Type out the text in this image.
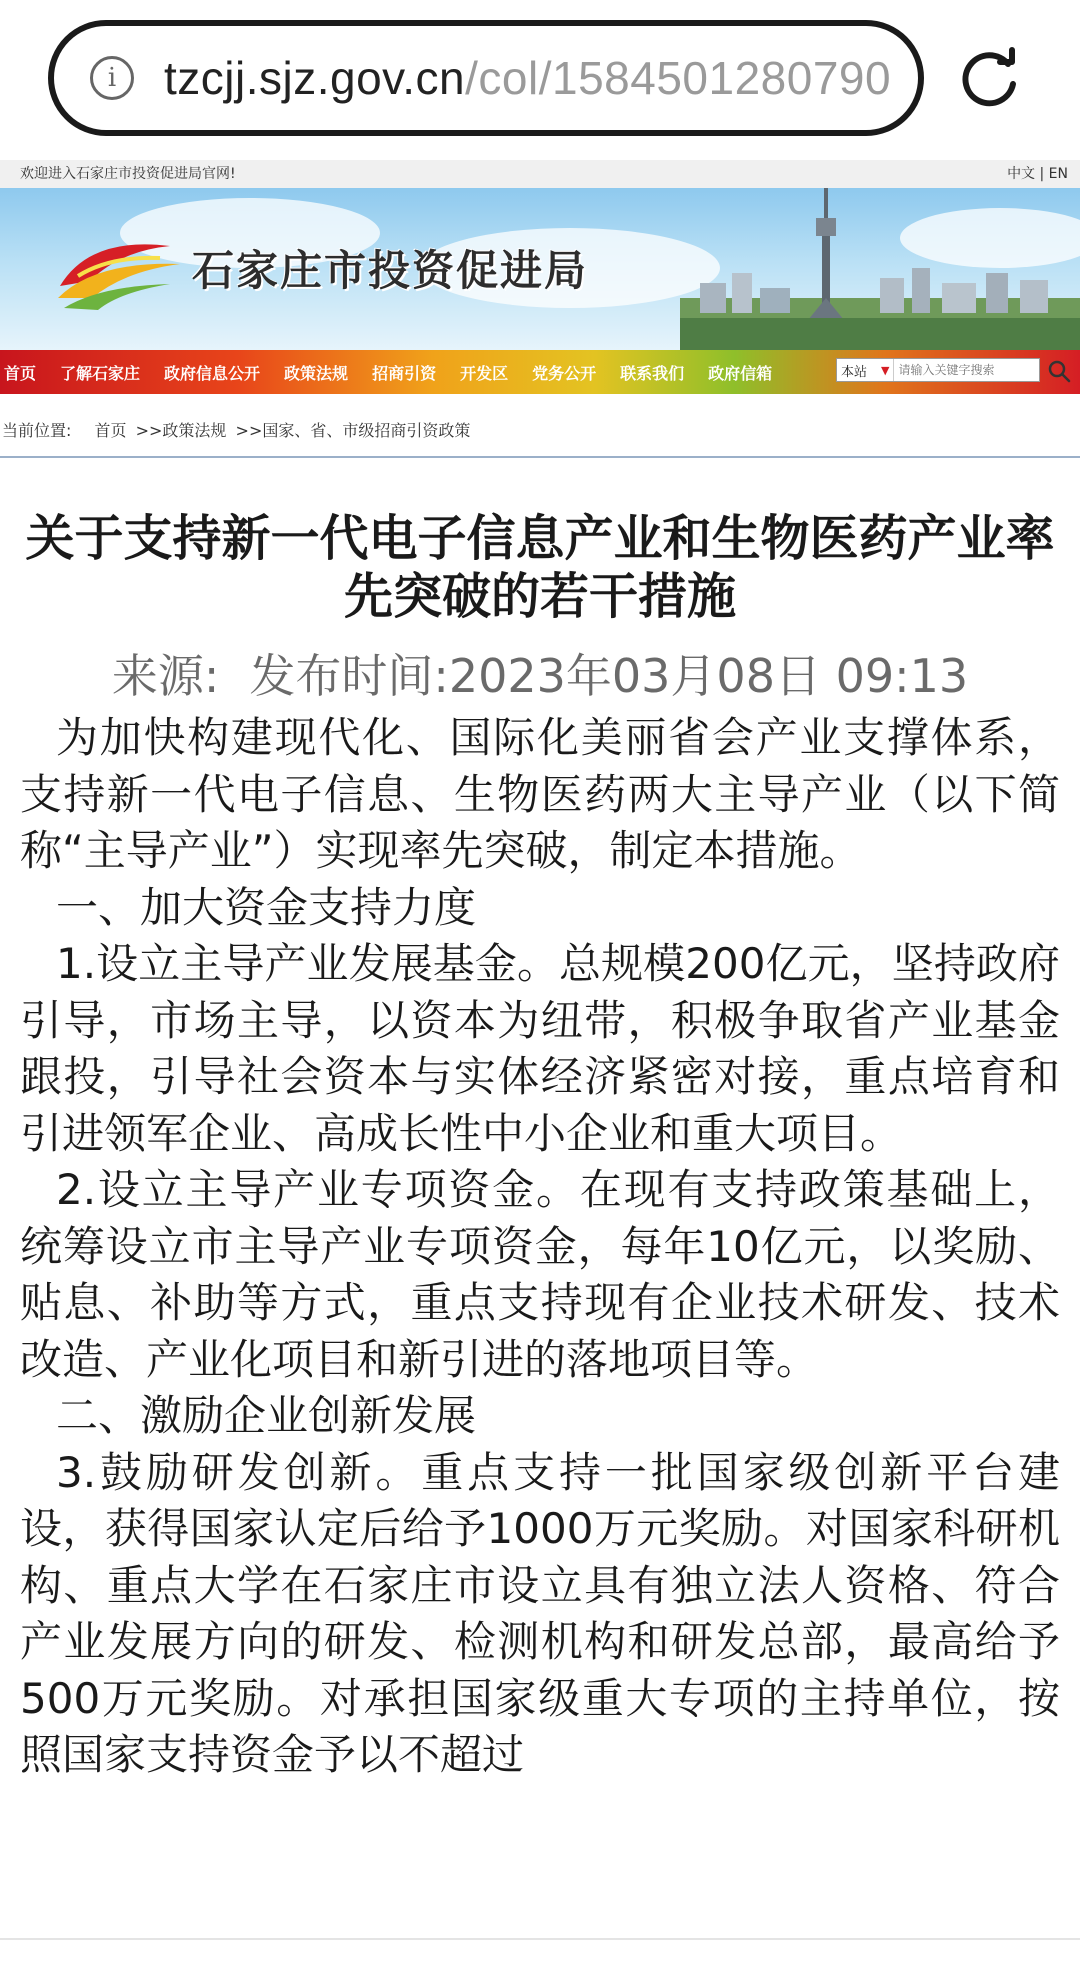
i	tzcjj.sjz.gov.cn/col/1584501280790
欢迎进入石家庄市投资促进局官网!	中文 | EN
石家庄市投资促进局
首页	了解石家庄	政府信息公开	政策法规	招商引资	开发区	党务公开	联系我们	政府信箱	本站 ▼
请输入关键字搜索
当前位置: 首页 >>政策法规 >>国家、省、市级招商引资政策
关于支持新一代电子信息产业和生物医药产业率先突破的若干措施
来源: 发布时间:2023年03月08日 09:13

为加快构建现代化、国际化美丽省会产业支撑体系，支持新一代电子信息、生物医药两大主导产业（以下简称“主导产业”）实现率先突破，制定本措施。

一、加大资金支持力度

1.设立主导产业发展基金。总规模200亿元，坚持政府引导，市场主导，以资本为纽带，积极争取省产业基金跟投，引导社会资本与实体经济紧密对接，重点培育和引进领军企业、高成长性中小企业和重大项目。

2.设立主导产业专项资金。在现有支持政策基础上，统筹设立市主导产业专项资金，每年10亿元，以奖励、贴息、补助等方式，重点支持现有企业技术研发、技术改造、产业化项目和新引进的落地项目等。

二、激励企业创新发展

3.鼓励研发创新。重点支持一批国家级创新平台建设，获得国家认定后给予1000万元奖励。对国家科研机构、重点大学在石家庄市设立具有独立法人资格、符合产业发展方向的研发、检测机构和研发总部，最高给予500万元奖励。对承担国家级重大专项的主持单位，按照国家支持资金予以不超过
